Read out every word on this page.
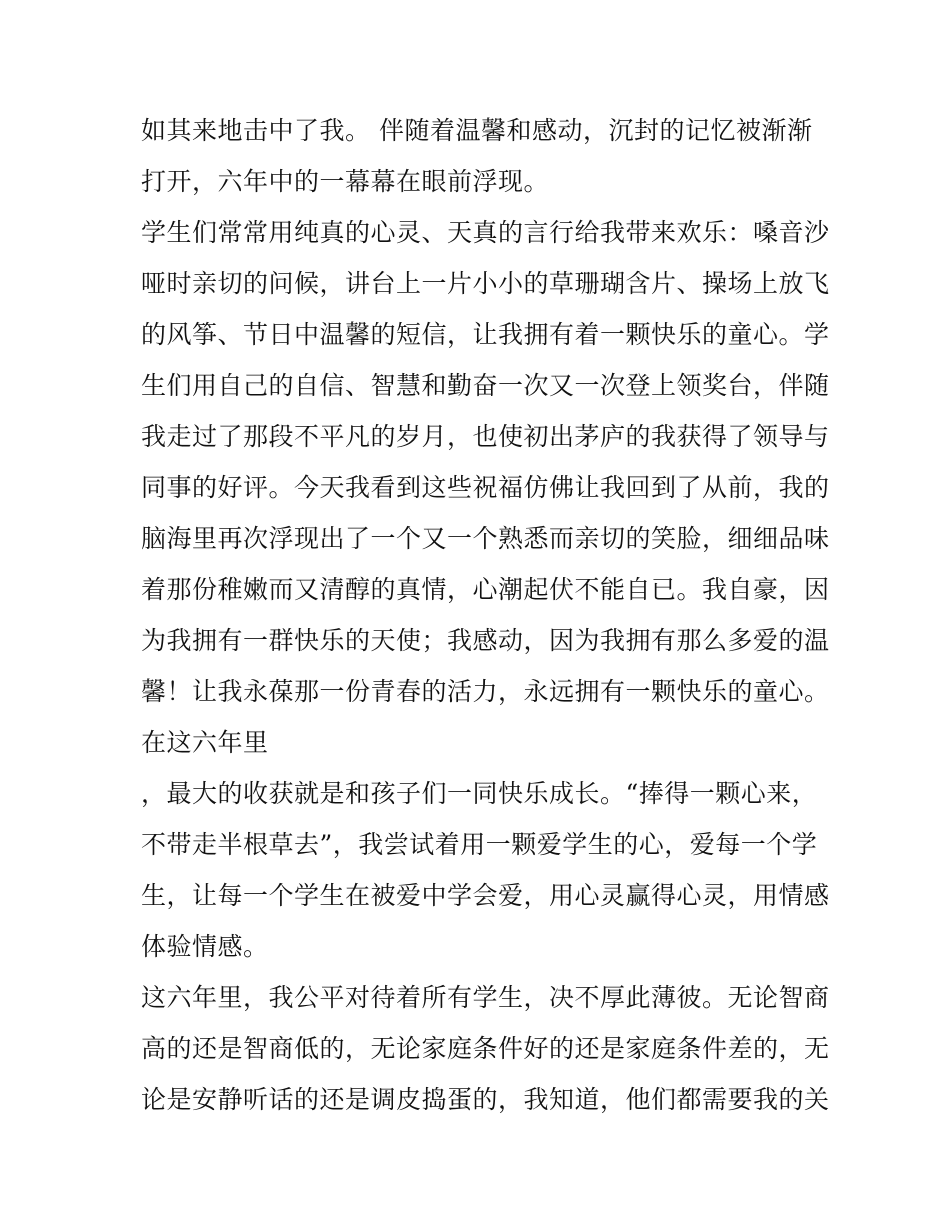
如其来地击中了我。 伴随着温馨和感动，沉封的记忆被渐渐
打开，六年中的一幕幕在眼前浮现。
学生们常常用纯真的心灵、天真的言行给我带来欢乐：嗓音沙
哑时亲切的问候，讲台上一片小小的草珊瑚含片、操场上放飞
的风筝、节日中温馨的短信，让我拥有着一颗快乐的童心。学
生们用自己的自信、智慧和勤奋一次又一次登上领奖台，伴随
我走过了那段不平凡的岁月，也使初出茅庐的我获得了领导与
同事的好评。今天我看到这些祝福仿佛让我回到了从前，我的
脑海里再次浮现出了一个又一个熟悉而亲切的笑脸，细细品味
着那份稚嫩而又清醇的真情，心潮起伏不能自已。我自豪，因
为我拥有一群快乐的天使；我感动，因为我拥有那么多爱的温
馨！让我永葆那一份青春的活力，永远拥有一颗快乐的童心。
在这六年里
，最大的收获就是和孩子们一同快乐成长。“捧得一颗心来，
不带走半根草去”，我尝试着用一颗爱学生的心，爱每一个学
生，让每一个学生在被爱中学会爱，用心灵赢得心灵，用情感
体验情感。
这六年里，我公平对待着所有学生，决不厚此薄彼。无论智商
高的还是智商低的，无论家庭条件好的还是家庭条件差的，无
论是安静听话的还是调皮捣蛋的，我知道，他们都需要我的关
